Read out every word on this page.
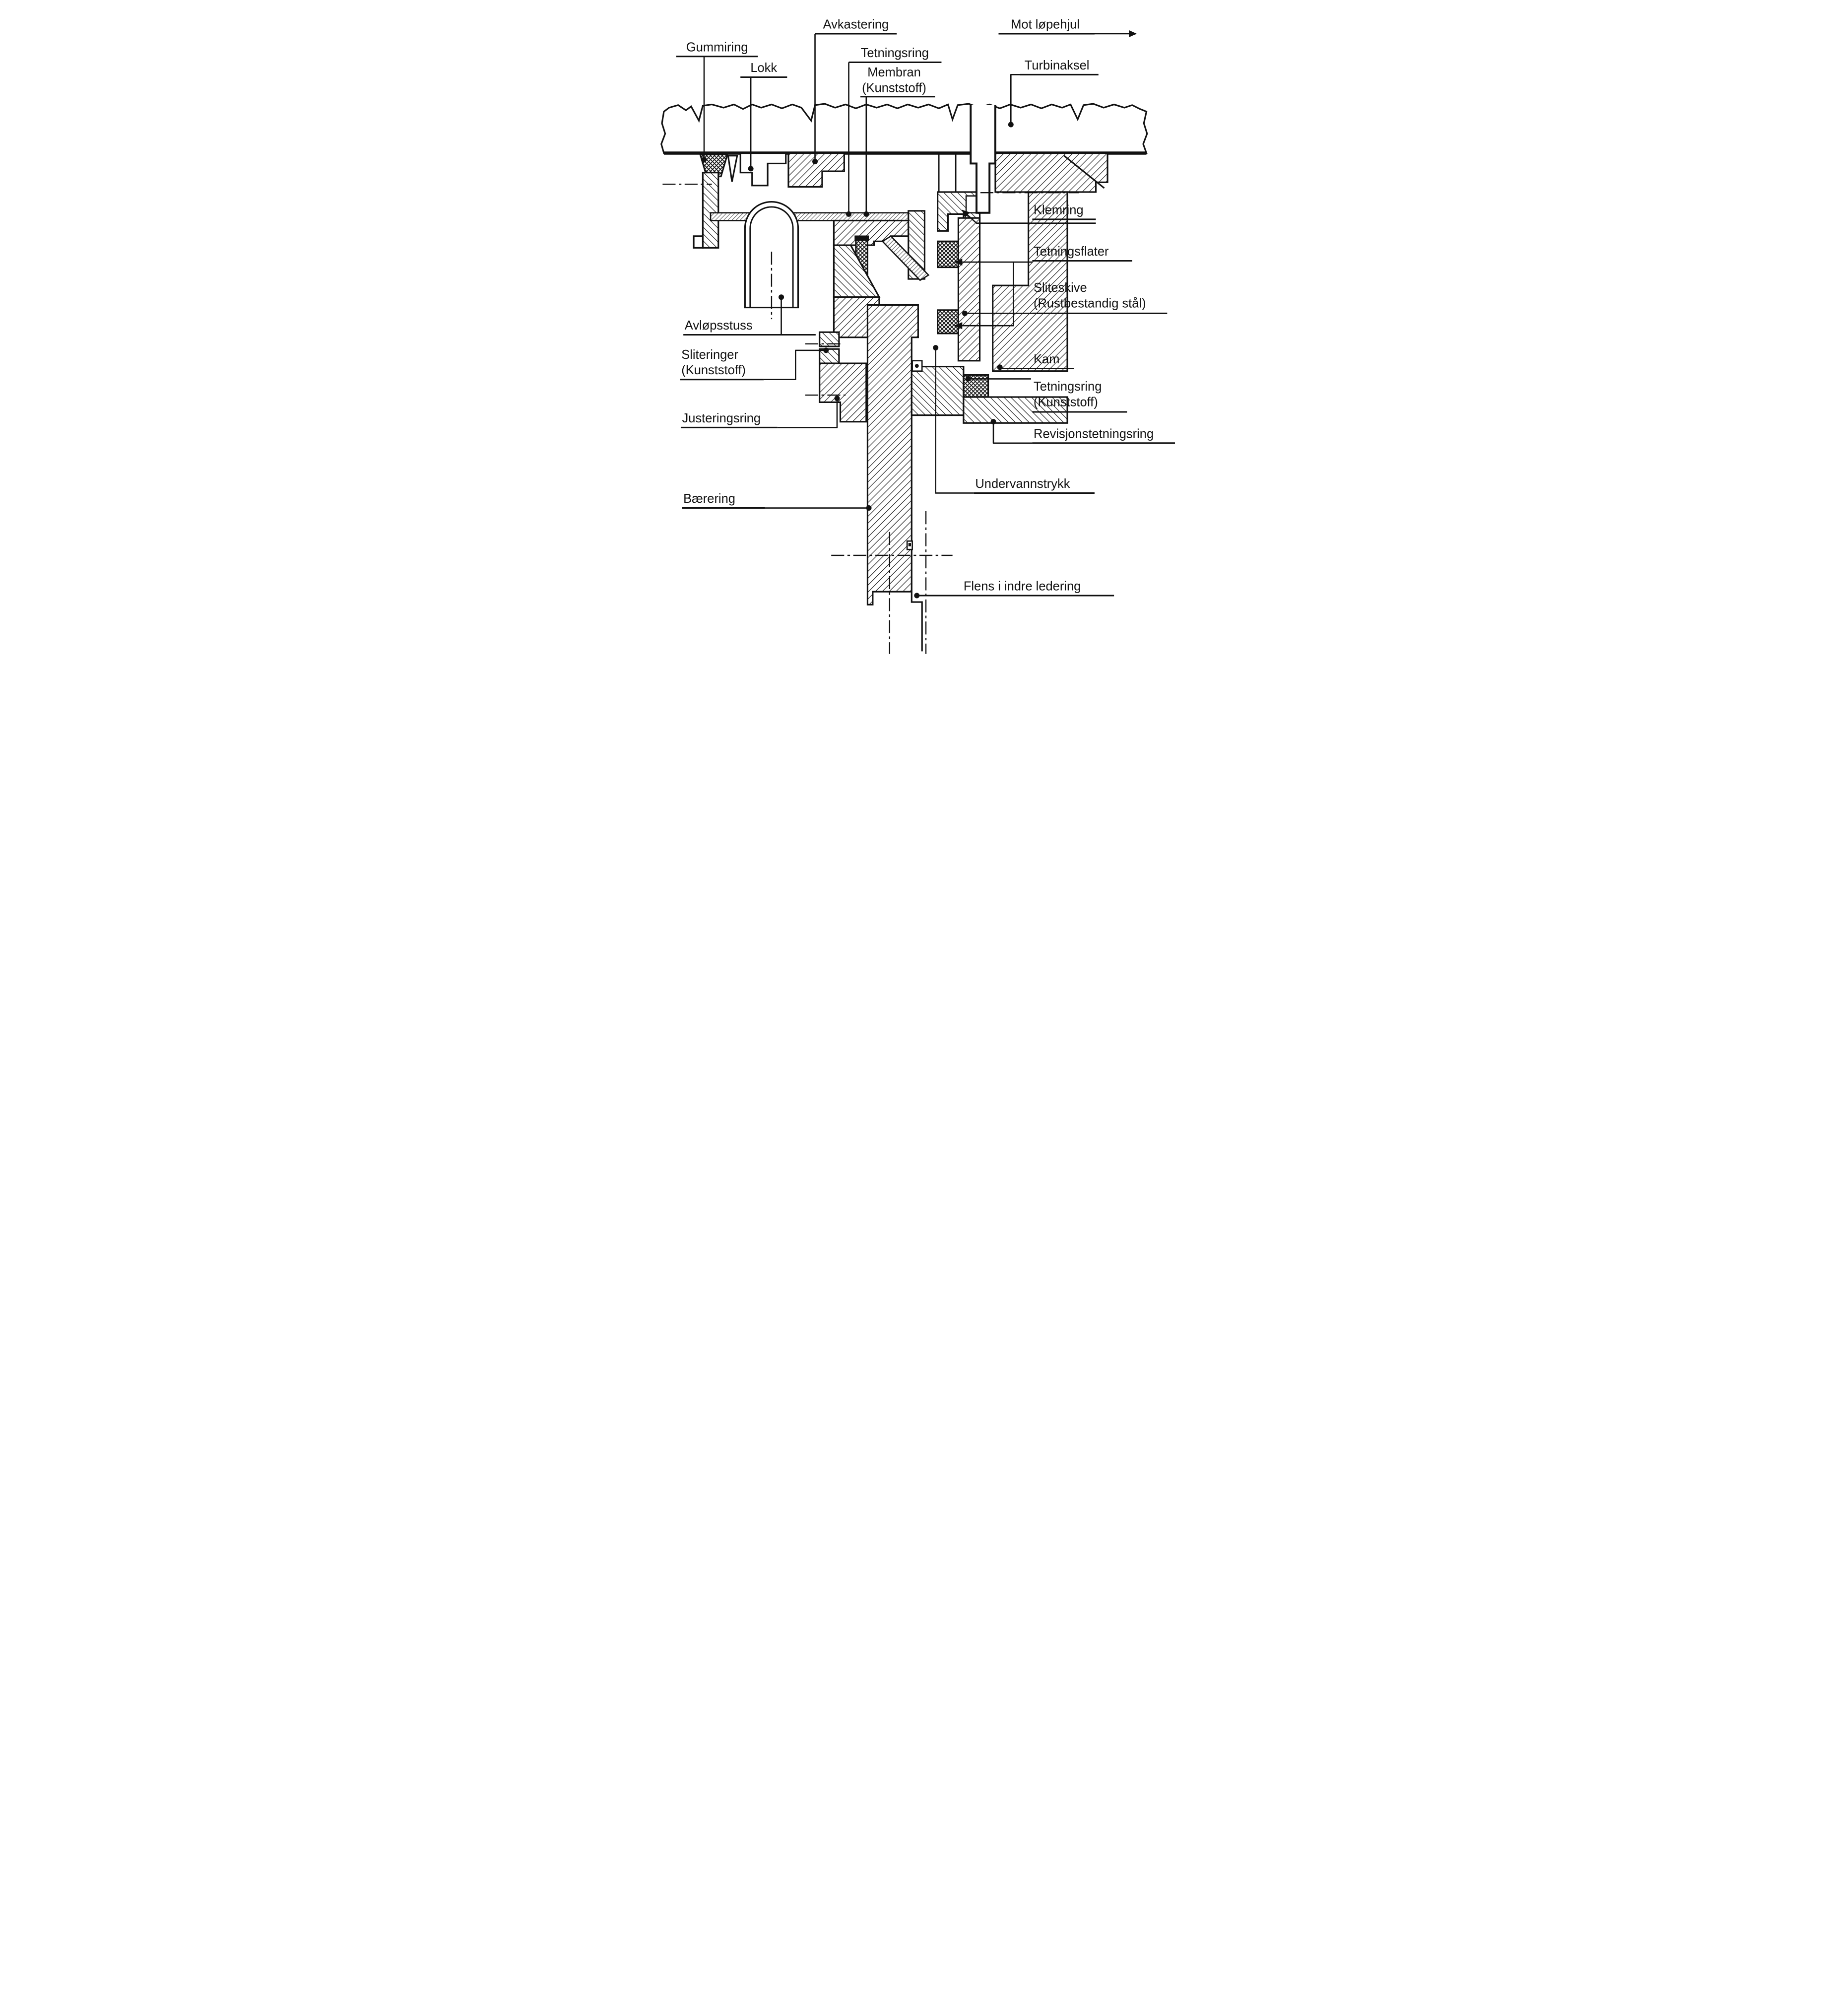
Avkastering
Gummiring
Lokk
Tetningsring
Membran (Kunststoff)
Mot løpehjul
Turbinaksel
Klemring
Tetningsflater
Sliteskive (Rustbestandig stål)
Kam
Tetningsring (Kunststoff)
Revisjonstetningsring
Undervannstrykk
Avløpsstuss
Sliteringer (Kunststoff)
Justeringsring
Bærering
Flens i indre ledering
